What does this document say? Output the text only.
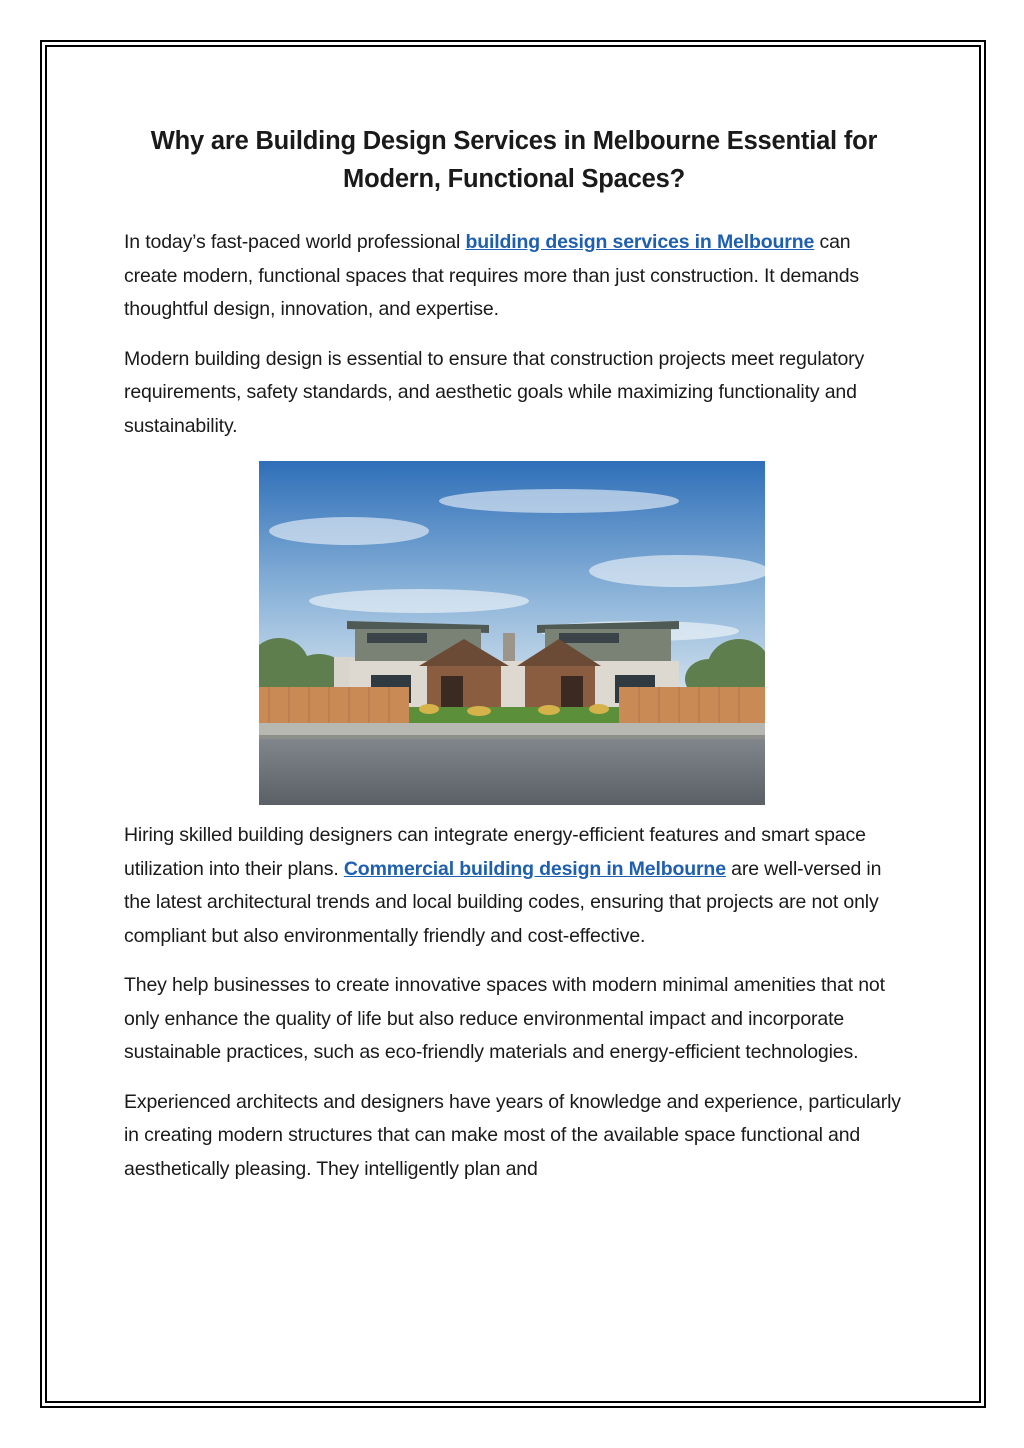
Why are Building Design Services in Melbourne Essential for
Modern, Functional Spaces?

In today’s fast-paced world professional building design services in Melbourne can create modern, functional spaces that requires more than just construction. It demands thoughtful design, innovation, and expertise.

Modern building design is essential to ensure that construction projects meet regulatory requirements, safety standards, and aesthetic goals while maximizing functionality and sustainability.

Hiring skilled building designers can integrate energy-efficient features and smart space utilization into their plans. Commercial building design in Melbourne are well-versed in the latest architectural trends and local building codes, ensuring that projects are not only compliant but also environmentally friendly and cost-effective.

They help businesses to create innovative spaces with modern minimal amenities that not only enhance the quality of life but also reduce environmental impact and incorporate sustainable practices, such as eco-friendly materials and energy-efficient technologies.

Experienced architects and designers have years of knowledge and experience, particularly in creating modern structures that can make most of the available space functional and aesthetically pleasing. They intelligently plan and
